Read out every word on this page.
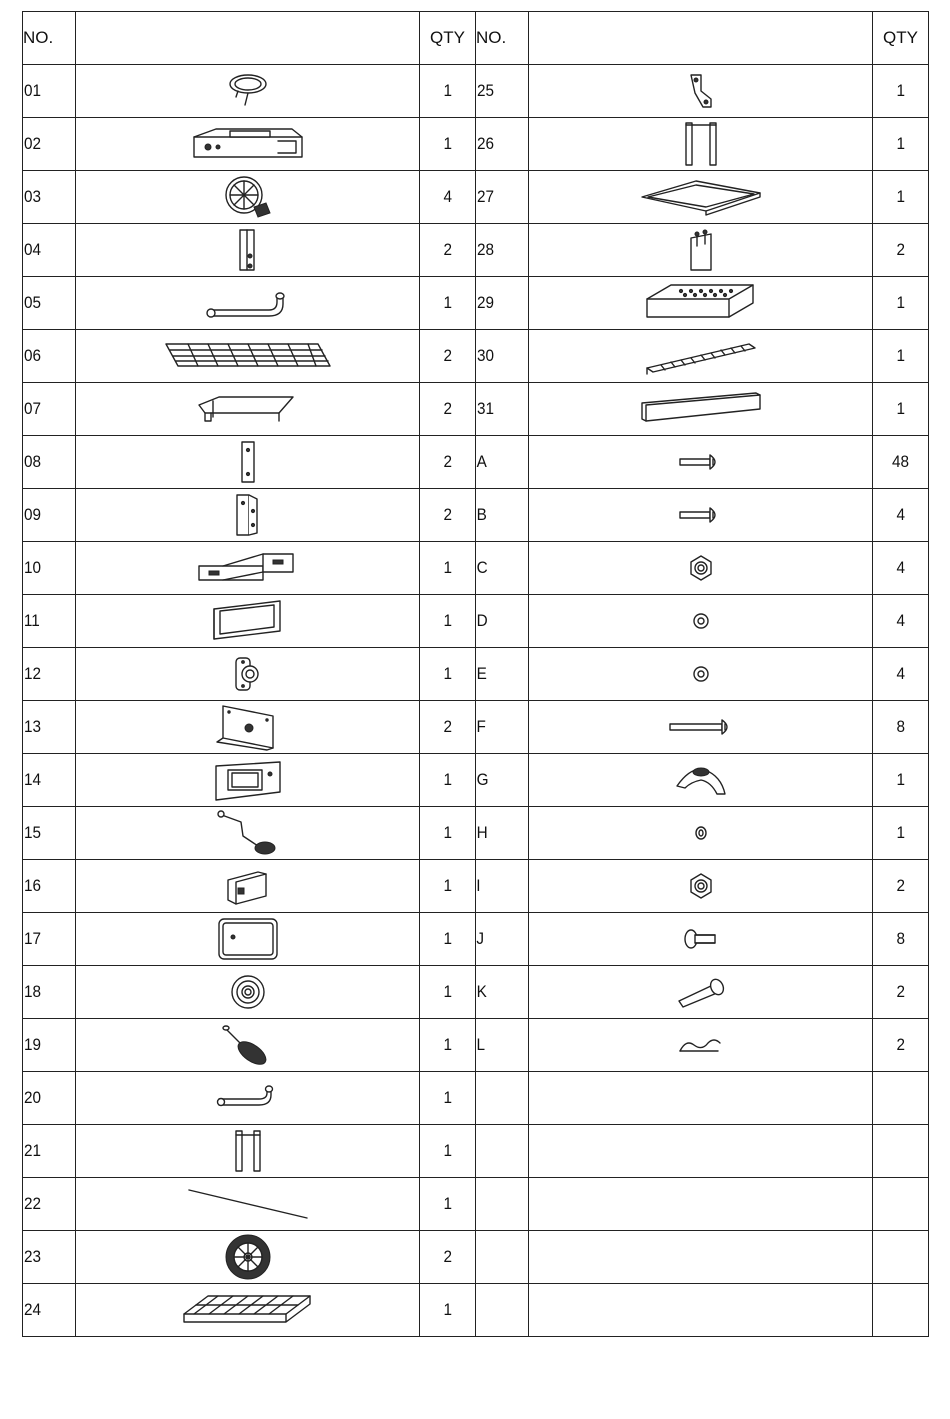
NO.		QTY	NO.		QTY
01		1	25		1
02		1	26		1
03		4	27		1
04		2	28		2
05		1	29		1
06		2	30		1
07		2	31		1
08		2	A		48
09		2	B		4
10		1	C		4
11		1	D		4
12		1	E		4
13		2	F		8
14		1	G		1
15		1	H		1
16		1	I		2
17		1	J		8
18		1	K		2
19		1	L		2
20		1			
21		1			
22		1			
23		2			
24		1			
